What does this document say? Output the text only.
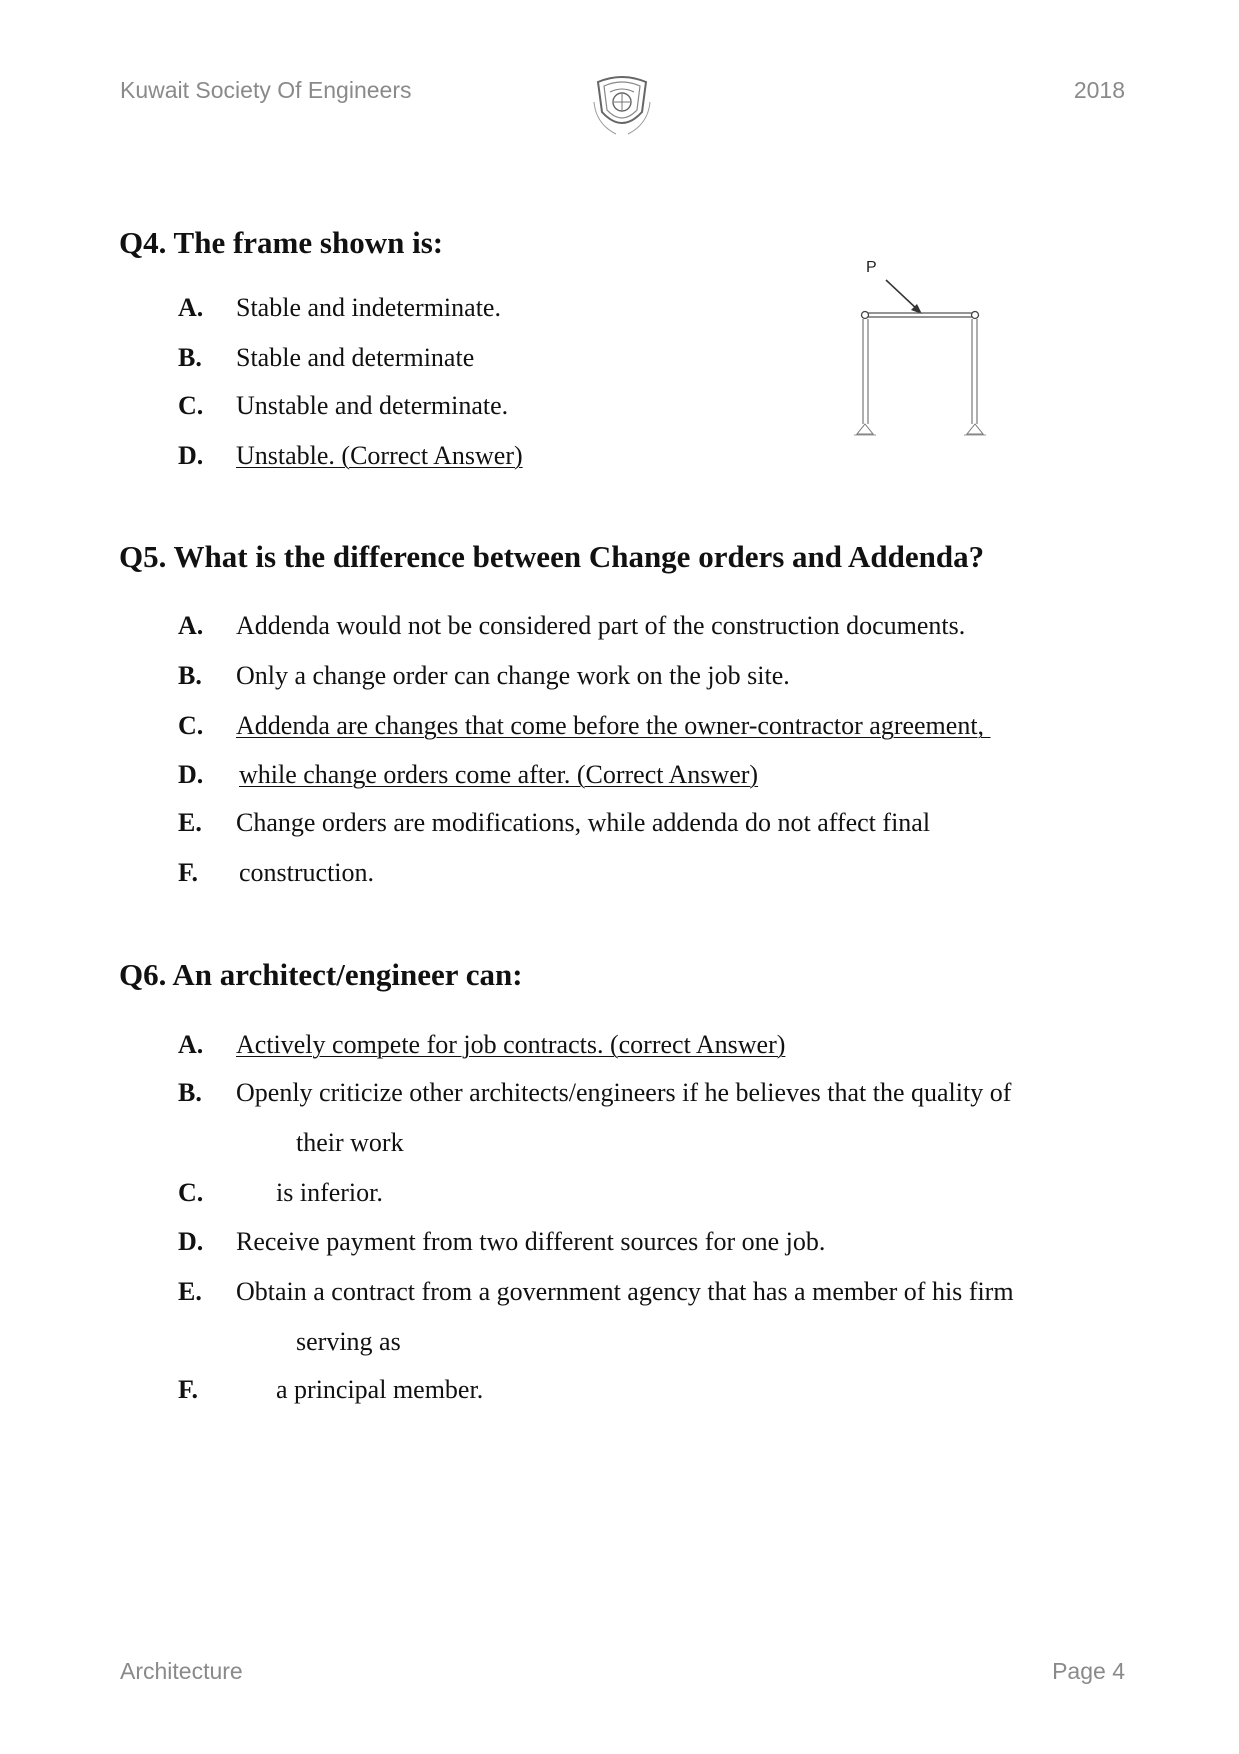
Kuwait Society Of Engineers	2018
Q4. The frame shown is:
A. Stable and indeterminate.
B. Stable and determinate
C. Unstable and determinate.
D. Unstable. (Correct Answer)
P
Q5. What is the difference between Change orders and Addenda?
A. Addenda would not be considered part of the construction documents.
B. Only a change order can change work on the job site.
C. Addenda are changes that come before the owner-contractor agreement,
D. while change orders come after. (Correct Answer)
E. Change orders are modifications, while addenda do not affect final
F. construction.
Q6. An architect/engineer can:
A. Actively compete for job contracts. (correct Answer)
B. Openly criticize other architects/engineers if he believes that the quality of
their work
C.	is inferior.
D. Receive payment from two different sources for one job.
E. Obtain a contract from a government agency that has a member of his firm
serving as
F.	a principal member.
Architecture	Page 4
